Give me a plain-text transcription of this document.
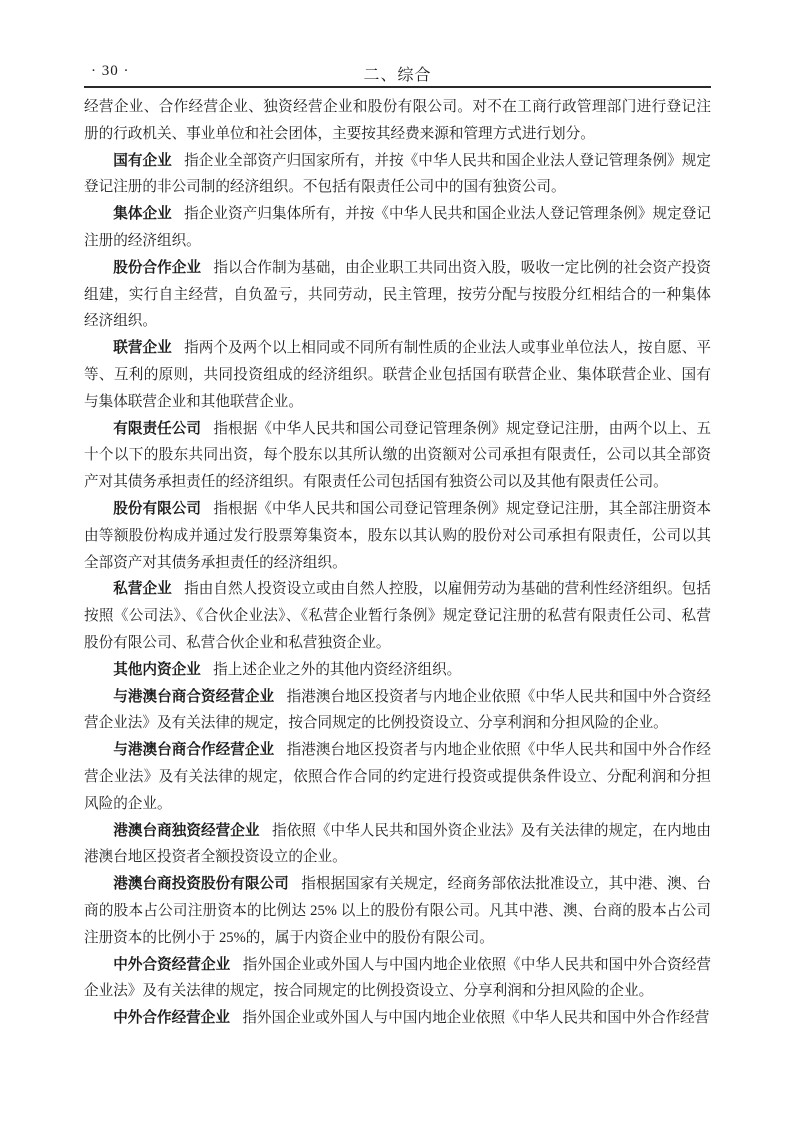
· 30 ·	二、综合

经营企业、合作经营企业、独资经营企业和股份有限公司。对不在工商行政管理部门进行登记注册的行政机关、事业单位和社会团体，主要按其经费来源和管理方式进行划分。

国有企业 指企业全部资产归国家所有，并按《中华人民共和国企业法人登记管理条例》规定登记注册的非公司制的经济组织。不包括有限责任公司中的国有独资公司。

集体企业 指企业资产归集体所有，并按《中华人民共和国企业法人登记管理条例》规定登记注册的经济组织。

股份合作企业 指以合作制为基础，由企业职工共同出资入股，吸收一定比例的社会资产投资组建，实行自主经营，自负盈亏，共同劳动，民主管理，按劳分配与按股分红相结合的一种集体经济组织。

联营企业 指两个及两个以上相同或不同所有制性质的企业法人或事业单位法人，按自愿、平等、互利的原则，共同投资组成的经济组织。联营企业包括国有联营企业、集体联营企业、国有与集体联营企业和其他联营企业。

有限责任公司 指根据《中华人民共和国公司登记管理条例》规定登记注册，由两个以上、五十个以下的股东共同出资，每个股东以其所认缴的出资额对公司承担有限责任，公司以其全部资产对其债务承担责任的经济组织。有限责任公司包括国有独资公司以及其他有限责任公司。

股份有限公司 指根据《中华人民共和国公司登记管理条例》规定登记注册，其全部注册资本由等额股份构成并通过发行股票筹集资本，股东以其认购的股份对公司承担有限责任，公司以其全部资产对其债务承担责任的经济组织。

私营企业 指由自然人投资设立或由自然人控股，以雇佣劳动为基础的营利性经济组织。包括按照《公司法》、《合伙企业法》、《私营企业暂行条例》规定登记注册的私营有限责任公司、私营股份有限公司、私营合伙企业和私营独资企业。

其他内资企业 指上述企业之外的其他内资经济组织。

与港澳台商合资经营企业 指港澳台地区投资者与内地企业依照《中华人民共和国中外合资经营企业法》及有关法律的规定，按合同规定的比例投资设立、分享利润和分担风险的企业。

与港澳台商合作经营企业 指港澳台地区投资者与内地企业依照《中华人民共和国中外合作经营企业法》及有关法律的规定，依照合作合同的约定进行投资或提供条件设立、分配利润和分担风险的企业。

港澳台商独资经营企业 指依照《中华人民共和国外资企业法》及有关法律的规定，在内地由港澳台地区投资者全额投资设立的企业。

港澳台商投资股份有限公司 指根据国家有关规定，经商务部依法批准设立，其中港、澳、台商的股本占公司注册资本的比例达 25% 以上的股份有限公司。凡其中港、澳、台商的股本占公司注册资本的比例小于 25%的，属于内资企业中的股份有限公司。

中外合资经营企业 指外国企业或外国人与中国内地企业依照《中华人民共和国中外合资经营企业法》及有关法律的规定，按合同规定的比例投资设立、分享利润和分担风险的企业。

中外合作经营企业 指外国企业或外国人与中国内地企业依照《中华人民共和国中外合作经营
